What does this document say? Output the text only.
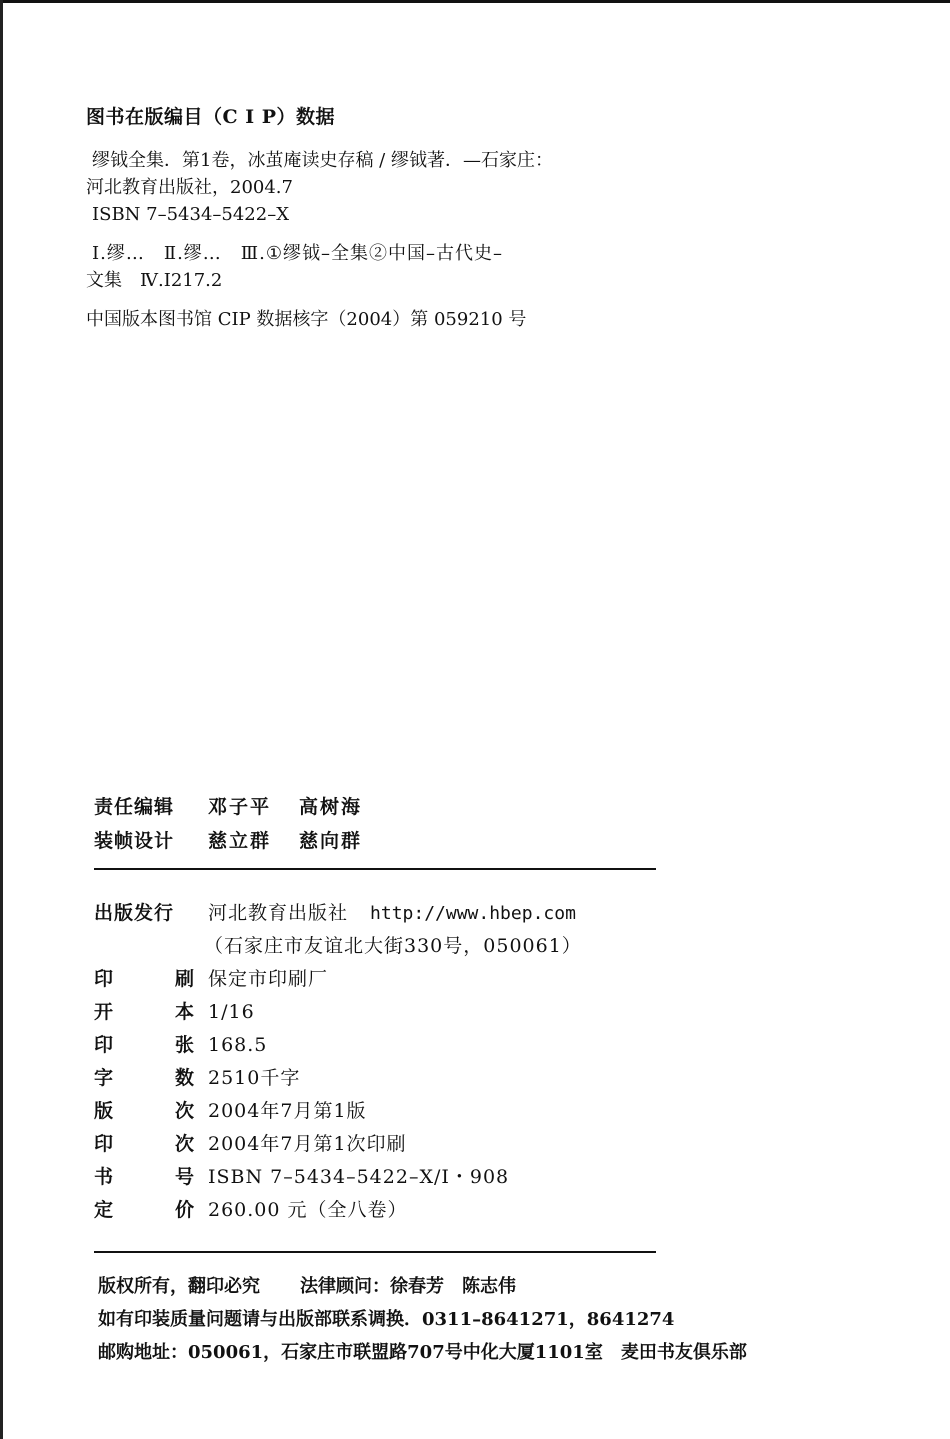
图书在版编目（C I P）数据
缪钺全集．第1卷，冰茧庵读史存稿 / 缪钺著．—石家庄：
河北教育出版社，2004.7
ISBN 7–5434–5422–X
Ⅰ.缪…　Ⅱ.缪…　Ⅲ.①缪钺–全集②中国–古代史–
文集　Ⅳ.I217.2
中国版本图书馆 CIP 数据核字（2004）第 059210 号
责任编辑	邓子平 高树海
装帧设计	慈立群 慈向群
出版发行	河北教育出版社 http://www.hbep.com
（石家庄市友谊北大街330号，050061）
印	刷 保定市印刷厂
开	本 1/16
印	张 168.5
字	数 2510千字
版	次 2004年7月第1版
印	次 2004年7月第1次印刷
书	号 ISBN 7–5434–5422–X/I・908
定	价 260.00 元（全八卷）
版权所有，翻印必究 法律顾问：徐春芳　陈志伟
如有印装质量问题请与出版部联系调换．0311–8641271，8641274
邮购地址：050061，石家庄市联盟路707号中化大厦1101室　麦田书友俱乐部
